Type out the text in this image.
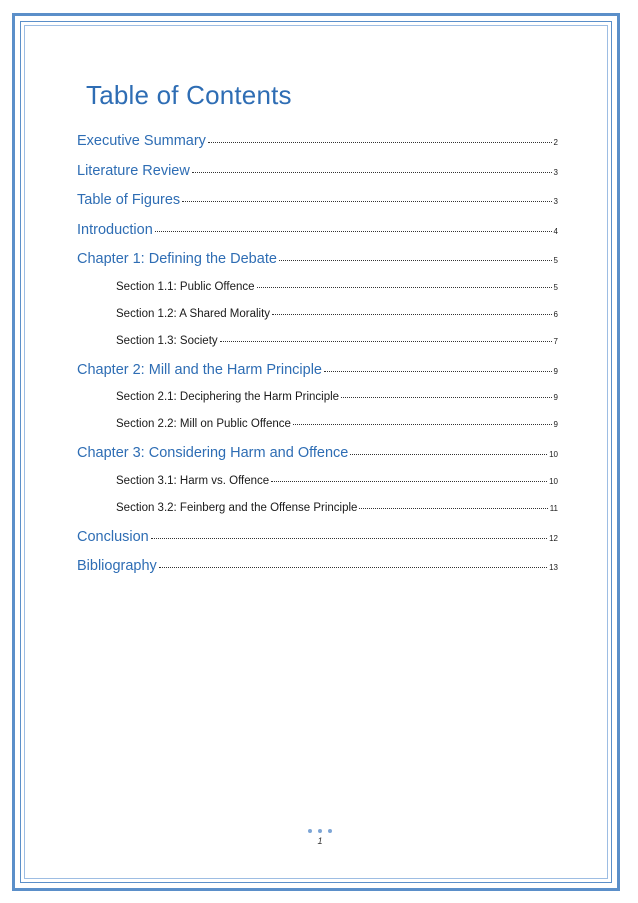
Table of Contents
Executive Summary	2
Literature Review	3
Table of Figures	3
Introduction	4
Chapter 1: Defining the Debate	5
Section 1.1: Public Offence	5
Section 1.2: A Shared Morality	6
Section 1.3: Society	7
Chapter 2: Mill and the Harm Principle	9
Section 2.1: Deciphering the Harm Principle	9
Section 2.2: Mill on Public Offence	9
Chapter 3: Considering Harm and Offence	10
Section 3.1: Harm vs. Offence	10
Section 3.2: Feinberg and the Offense Principle	11
Conclusion	12
Bibliography	13
1
